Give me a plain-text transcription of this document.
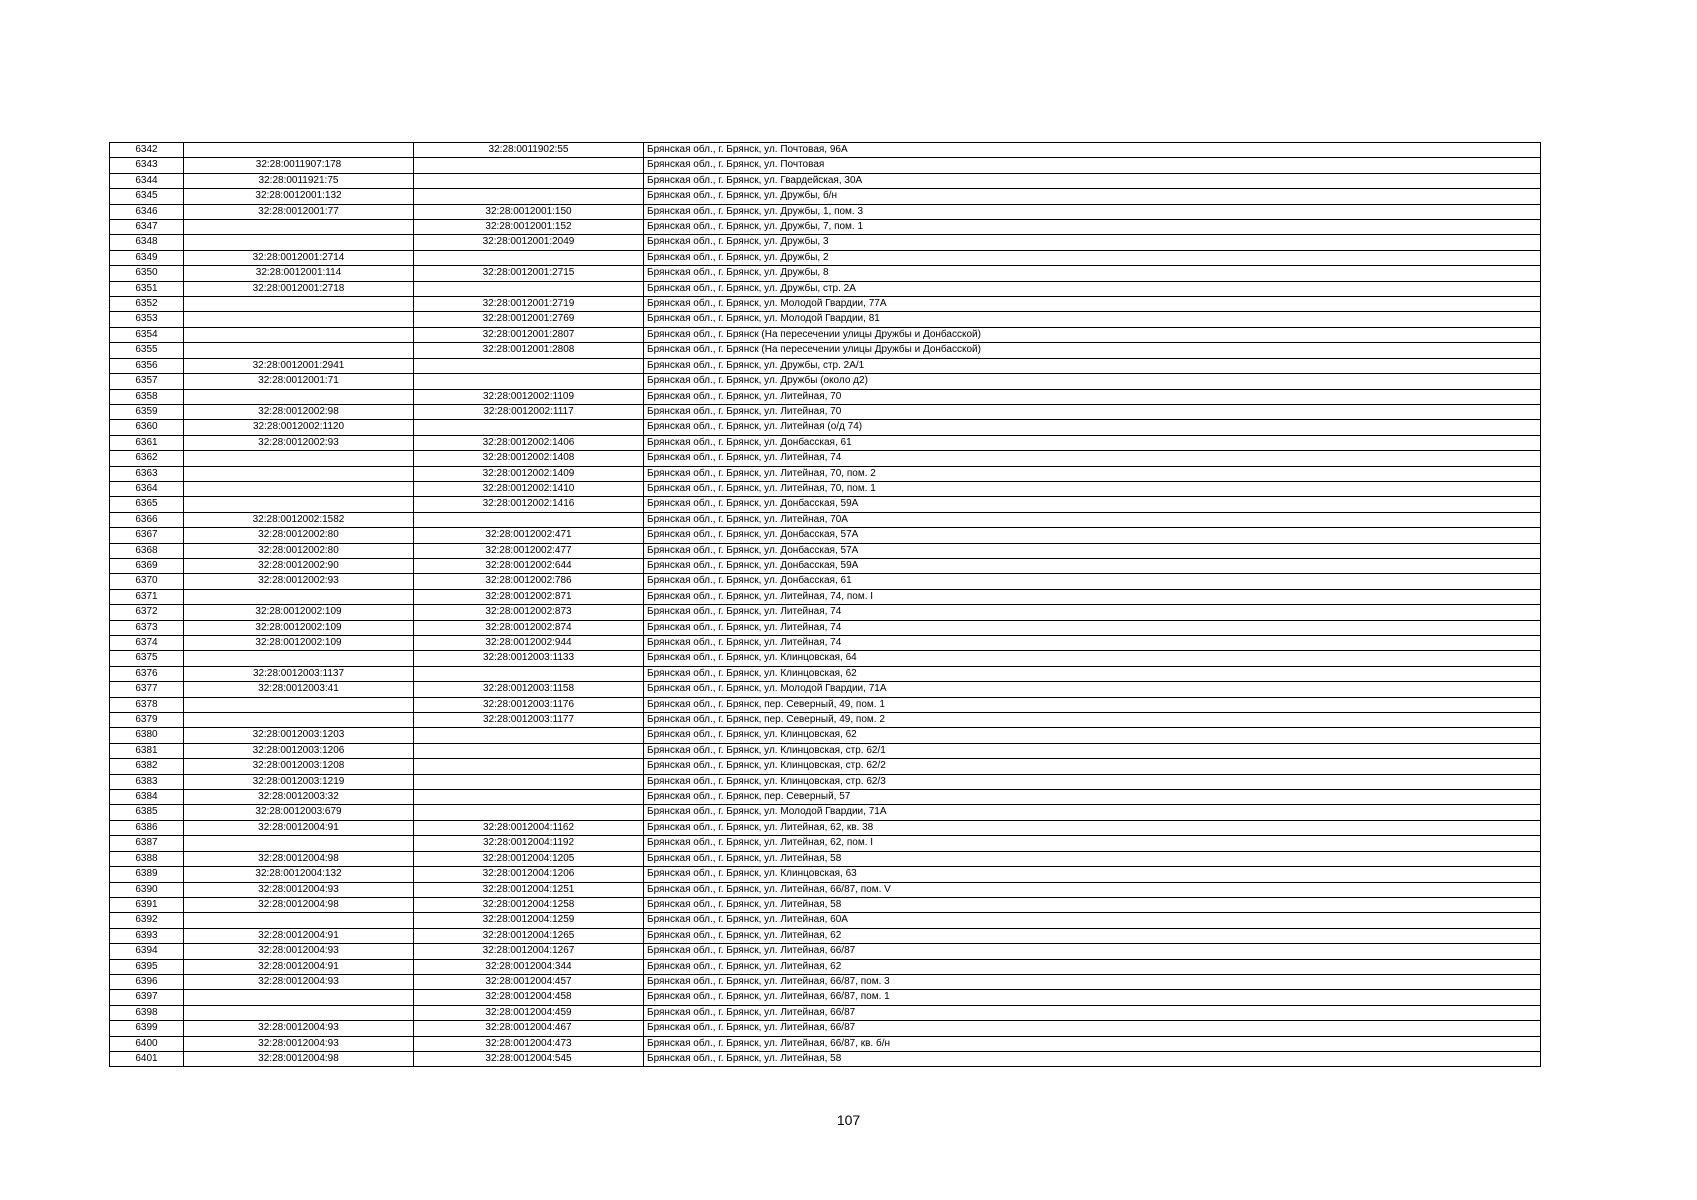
6342		32:28:0011902:55	Брянская обл., г. Брянск, ул. Почтовая, 96А
6343	32:28:0011907:178		Брянская обл., г. Брянск, ул. Почтовая
6344	32:28:0011921:75		Брянская обл., г. Брянск, ул. Гвардейская, 30А
6345	32:28:0012001:132		Брянская обл., г. Брянск, ул. Дружбы, б/н
6346	32:28:0012001:77	32:28:0012001:150	Брянская обл., г. Брянск, ул. Дружбы, 1, пом. 3
6347		32:28:0012001:152	Брянская обл., г. Брянск, ул. Дружбы, 7, пом. 1
6348		32:28:0012001:2049	Брянская обл., г. Брянск, ул. Дружбы, 3
6349	32:28:0012001:2714		Брянская обл., г. Брянск, ул. Дружбы, 2
6350	32:28:0012001:114	32:28:0012001:2715	Брянская обл., г. Брянск, ул. Дружбы, 8
6351	32:28:0012001:2718		Брянская обл., г. Брянск, ул. Дружбы, стр. 2А
6352		32:28:0012001:2719	Брянская обл., г. Брянск, ул. Молодой Гвардии, 77А
6353		32:28:0012001:2769	Брянская обл., г. Брянск, ул. Молодой Гвардии, 81
6354		32:28:0012001:2807	Брянская обл., г. Брянск (На пересечении улицы Дружбы и Донбасской)
6355		32:28:0012001:2808	Брянская обл., г. Брянск (На пересечении улицы Дружбы и Донбасской)
6356	32:28:0012001:2941		Брянская обл., г. Брянск, ул. Дружбы, стр. 2А/1
6357	32:28:0012001:71		Брянская обл., г. Брянск, ул. Дружбы (около д2)
6358		32:28:0012002:1109	Брянская обл., г. Брянск, ул. Литейная, 70
6359	32:28:0012002:98	32:28:0012002:1117	Брянская обл., г. Брянск, ул. Литейная, 70
6360	32:28:0012002:1120		Брянская обл., г. Брянск, ул. Литейная (о/д 74)
6361	32:28:0012002:93	32:28:0012002:1406	Брянская обл., г. Брянск, ул. Донбасская, 61
6362		32:28:0012002:1408	Брянская обл., г. Брянск, ул. Литейная, 74
6363		32:28:0012002:1409	Брянская обл., г. Брянск, ул. Литейная, 70, пом. 2
6364		32:28:0012002:1410	Брянская обл., г. Брянск, ул. Литейная, 70, пом. 1
6365		32:28:0012002:1416	Брянская обл., г. Брянск, ул. Донбасская, 59А
6366	32:28:0012002:1582		Брянская обл., г. Брянск, ул. Литейная, 70А
6367	32:28:0012002:80	32:28:0012002:471	Брянская обл., г. Брянск, ул. Донбасская, 57А
6368	32:28:0012002:80	32:28:0012002:477	Брянская обл., г. Брянск, ул. Донбасская, 57А
6369	32:28:0012002:90	32:28:0012002:644	Брянская обл., г. Брянск, ул. Донбасская, 59А
6370	32:28:0012002:93	32:28:0012002:786	Брянская обл., г. Брянск, ул. Донбасская, 61
6371		32:28:0012002:871	Брянская обл., г. Брянск, ул. Литейная, 74, пом. I
6372	32:28:0012002:109	32:28:0012002:873	Брянская обл., г. Брянск, ул. Литейная, 74
6373	32:28:0012002:109	32:28:0012002:874	Брянская обл., г. Брянск, ул. Литейная, 74
6374	32:28:0012002:109	32:28:0012002:944	Брянская обл., г. Брянск, ул. Литейная, 74
6375		32:28:0012003:1133	Брянская обл., г. Брянск, ул. Клинцовская, 64
6376	32:28:0012003:1137		Брянская обл., г. Брянск, ул. Клинцовская, 62
6377	32:28:0012003:41	32:28:0012003:1158	Брянская обл., г. Брянск, ул. Молодой Гвардии, 71А
6378		32:28:0012003:1176	Брянская обл., г. Брянск, пер. Северный, 49, пом. 1
6379		32:28:0012003:1177	Брянская обл., г. Брянск, пер. Северный, 49, пом. 2
6380	32:28:0012003:1203		Брянская обл., г. Брянск, ул. Клинцовская, 62
6381	32:28:0012003:1206		Брянская обл., г. Брянск, ул. Клинцовская, стр. 62/1
6382	32:28:0012003:1208		Брянская обл., г. Брянск, ул. Клинцовская, стр. 62/2
6383	32:28:0012003:1219		Брянская обл., г. Брянск, ул. Клинцовская, стр. 62/3
6384	32:28:0012003:32		Брянская обл., г. Брянск, пер. Северный, 57
6385	32:28:0012003:679		Брянская обл., г. Брянск, ул. Молодой Гвардии, 71А
6386	32:28:0012004:91	32:28:0012004:1162	Брянская обл., г. Брянск, ул. Литейная, 62, кв. 38
6387		32:28:0012004:1192	Брянская обл., г. Брянск, ул. Литейная, 62, пом. I
6388	32:28:0012004:98	32:28:0012004:1205	Брянская обл., г. Брянск, ул. Литейная, 58
6389	32:28:0012004:132	32:28:0012004:1206	Брянская обл., г. Брянск, ул. Клинцовская, 63
6390	32:28:0012004:93	32:28:0012004:1251	Брянская обл., г. Брянск, ул. Литейная, 66/87, пом. V
6391	32:28:0012004:98	32:28:0012004:1258	Брянская обл., г. Брянск, ул. Литейная, 58
6392		32:28:0012004:1259	Брянская обл., г. Брянск, ул. Литейная, 60А
6393	32:28:0012004:91	32:28:0012004:1265	Брянская обл., г. Брянск, ул. Литейная, 62
6394	32:28:0012004:93	32:28:0012004:1267	Брянская обл., г. Брянск, ул. Литейная, 66/87
6395	32:28:0012004:91	32:28:0012004:344	Брянская обл., г. Брянск, ул. Литейная, 62
6396	32:28:0012004:93	32:28:0012004:457	Брянская обл., г. Брянск, ул. Литейная, 66/87, пом. 3
6397		32:28:0012004:458	Брянская обл., г. Брянск, ул. Литейная, 66/87, пом. 1
6398		32:28:0012004:459	Брянская обл., г. Брянск, ул. Литейная, 66/87
6399	32:28:0012004:93	32:28:0012004:467	Брянская обл., г. Брянск, ул. Литейная, 66/87
6400	32:28:0012004:93	32:28:0012004:473	Брянская обл., г. Брянск, ул. Литейная, 66/87, кв. б/н
6401	32:28:0012004:98	32:28:0012004:545	Брянская обл., г. Брянск, ул. Литейная, 58
107
